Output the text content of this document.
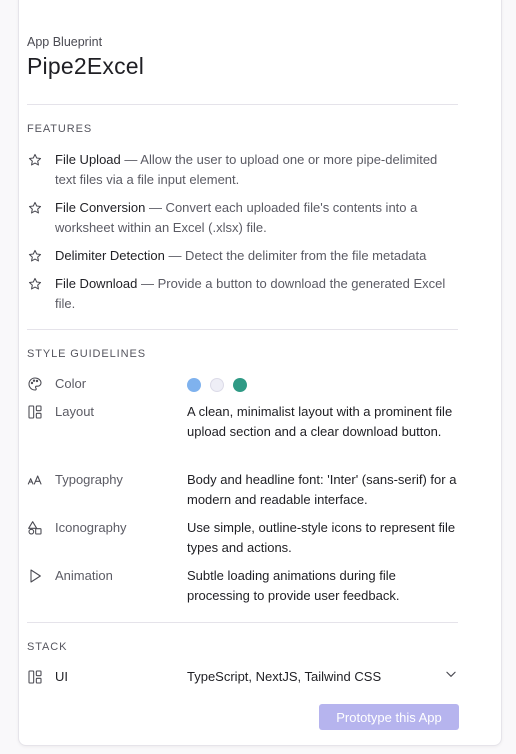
App Blueprint
Pipe2Excel
FEATURES
File Upload — Allow the user to upload one or more pipe-delimited text files via a file input element.
File Conversion — Convert each uploaded file's contents into a worksheet within an Excel (.xlsx) file.
Delimiter Detection — Detect the delimiter from the file metadata
File Download — Provide a button to download the generated Excel file.
STYLE GUIDELINES
Color
Layout	A clean, minimalist layout with a prominent file upload section and a clear download button.
Typography	Body and headline font: 'Inter' (sans-serif) for a modern and readable interface.
Iconography	Use simple, outline-style icons to represent file types and actions.
Animation	Subtle loading animations during file processing to provide user feedback.
STACK
UI	TypeScript, NextJS, Tailwind CSS
Prototype this App
